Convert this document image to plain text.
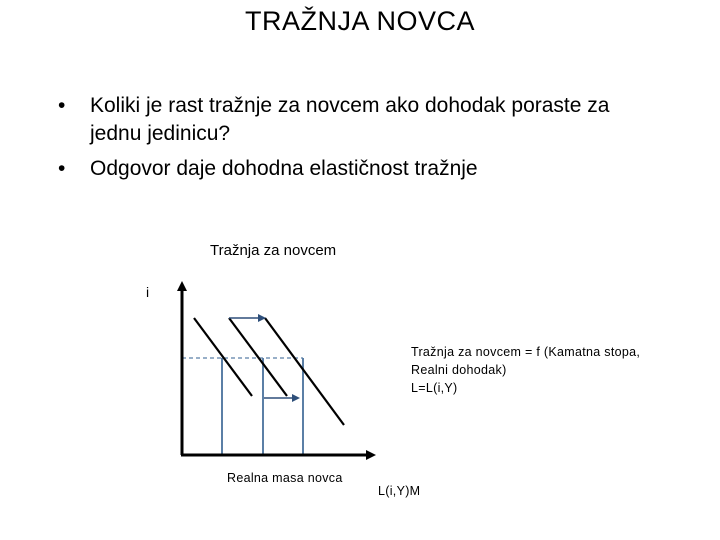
TRAŽNJA NOVCA
• Koliki je rast tražnje za novcem ako dohodak poraste za jednu jedinicu?
• Odgovor daje dohodna elastičnost tražnje
Tražnja za novcem
i
Tražnja za novcem = f (Kamatna stopa,
Realni dohodak)
L=L(i,Y)
Realna masa novca
L(i,Y)M
